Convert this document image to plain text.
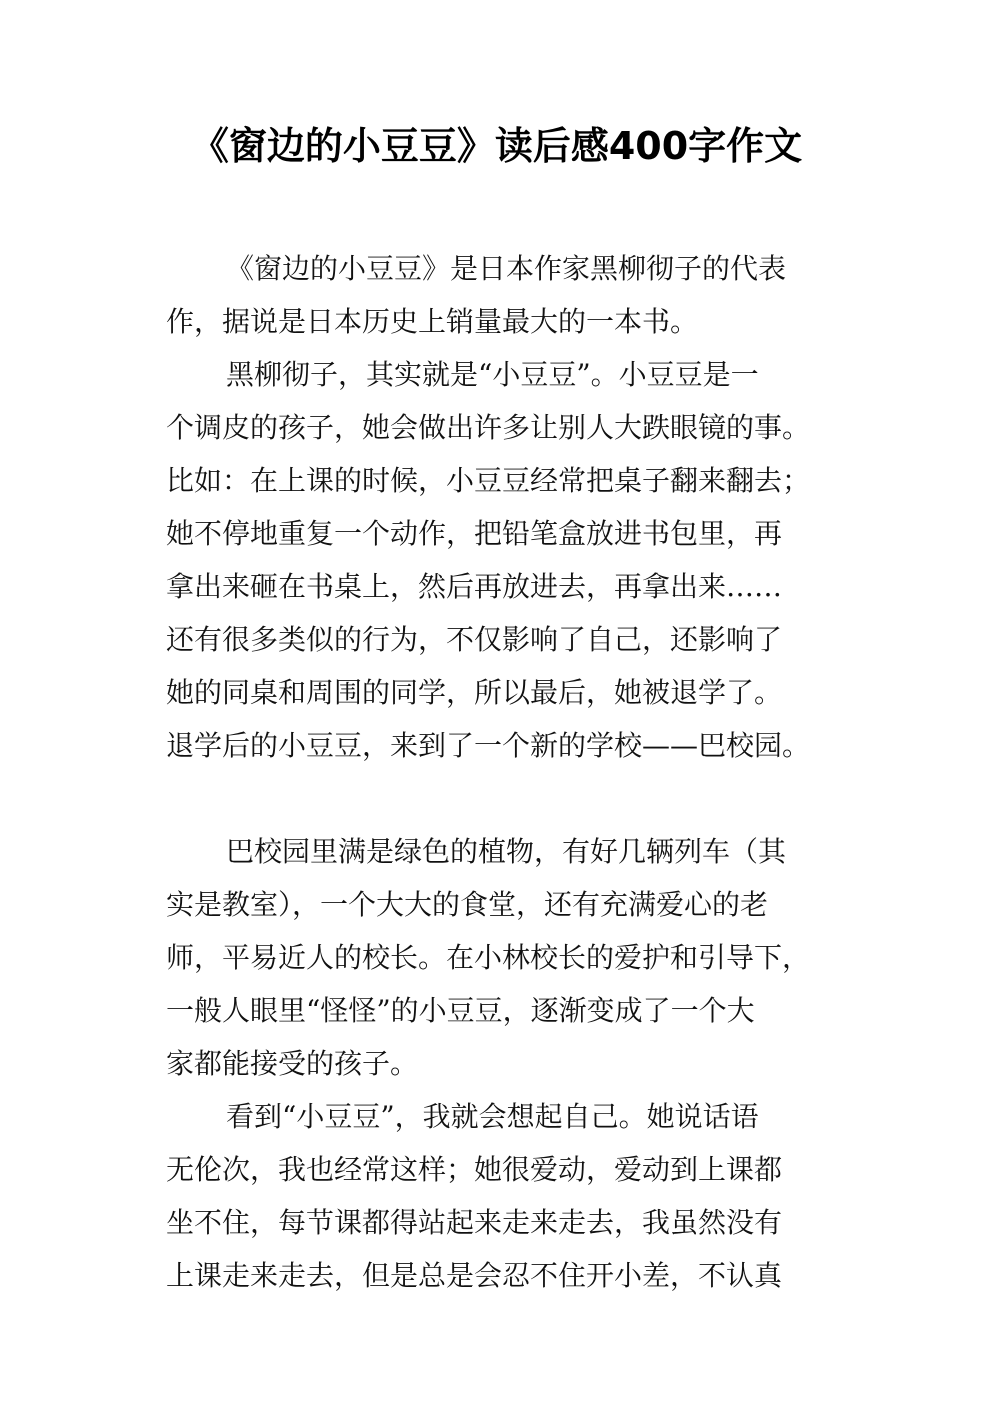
《窗边的小豆豆》读后感400字作文
《窗边的小豆豆》是日本作家黑柳彻子的代表
作，据说是日本历史上销量最大的一本书。
黑柳彻子，其实就是“小豆豆”。小豆豆是一
个调皮的孩子，她会做出许多让别人大跌眼镜的事。
比如：在上课的时候，小豆豆经常把桌子翻来翻去；
她不停地重复一个动作，把铅笔盒放进书包里，再
拿出来砸在书桌上，然后再放进去，再拿出来……
还有很多类似的行为，不仅影响了自己，还影响了
她的同桌和周围的同学，所以最后，她被退学了。
退学后的小豆豆，来到了一个新的学校——巴校园。
巴校园里满是绿色的植物，有好几辆列车（其
实是教室），一个大大的食堂，还有充满爱心的老
师，平易近人的校长。在小林校长的爱护和引导下，
一般人眼里“怪怪”的小豆豆，逐渐变成了一个大
家都能接受的孩子。
看到“小豆豆”，我就会想起自己。她说话语
无伦次，我也经常这样；她很爱动，爱动到上课都
坐不住，每节课都得站起来走来走去，我虽然没有
上课走来走去，但是总是会忍不住开小差，不认真
